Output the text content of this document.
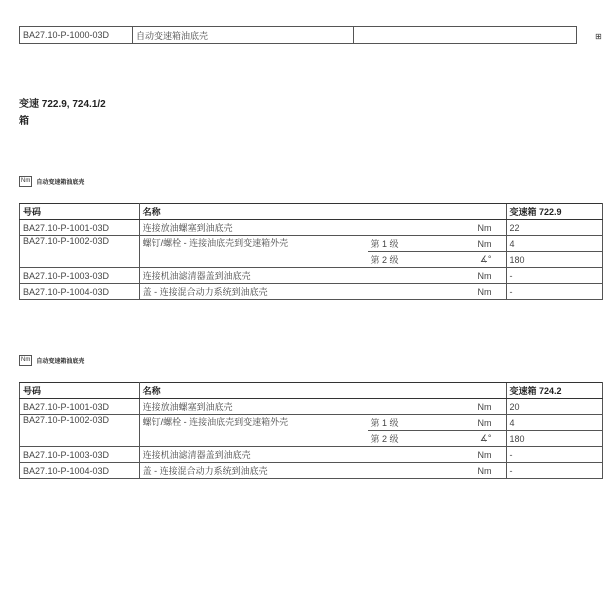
BA27.10-P-1000-03D	自动变速箱油底壳		⊞
变速 722.9, 724.1/2
箱
Nm	自动变速箱油底壳
号码	名称			变速箱 722.9
BA27.10-P-1001-03D	连接放油螺塞到油底壳		Nm	22
BA27.10-P-1002-03D	螺钉/螺栓 - 连接油底壳到变速箱外壳	第 1 级	Nm	4
		第 2 级	∡°	180
BA27.10-P-1003-03D	连接机油滤清器盖到油底壳		Nm	-
BA27.10-P-1004-03D	盖 - 连接混合动力系统到油底壳		Nm	-
Nm	自动变速箱油底壳
号码	名称			变速箱 724.2
BA27.10-P-1001-03D	连接放油螺塞到油底壳		Nm	20
BA27.10-P-1002-03D	螺钉/螺栓 - 连接油底壳到变速箱外壳	第 1 级	Nm	4
		第 2 级	∡°	180
BA27.10-P-1003-03D	连接机油滤清器盖到油底壳		Nm	-
BA27.10-P-1004-03D	盖 - 连接混合动力系统到油底壳		Nm	-
